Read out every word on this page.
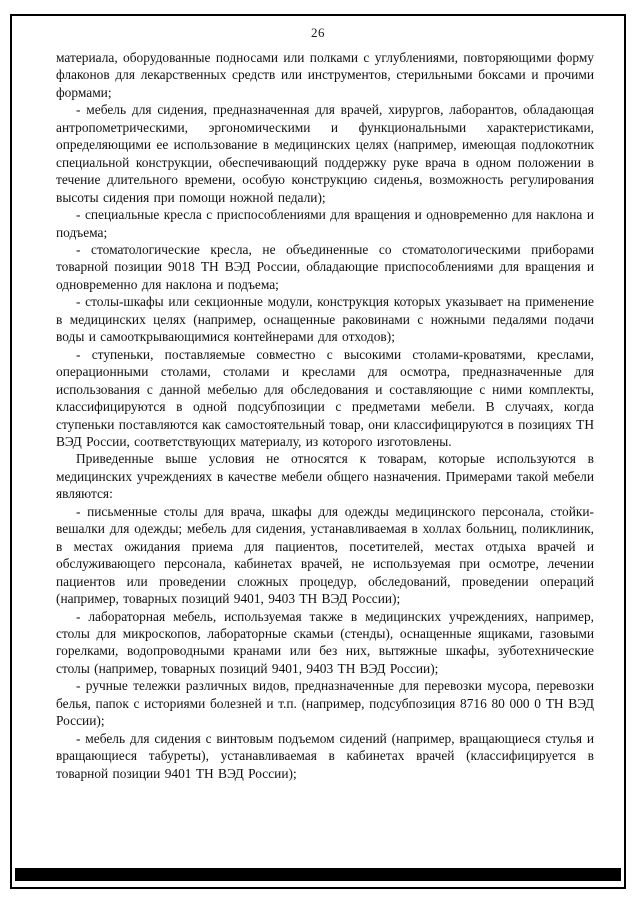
26

материала, оборудованные подносами или полками с углублениями, повторяющими форму флаконов для лекарственных средств или инструментов, стерильными боксами и прочими формами;

- мебель для сидения, предназначенная для врачей, хирургов, лаборантов, обладающая антропометрическими, эргономическими и функциональными характеристиками, определяющими ее использование в медицинских целях (например, имеющая подлокотник специальной конструкции, обеспечивающий поддержку руке врача в одном положении в течение длительного времени, особую конструкцию сиденья, возможность регулирования высоты сидения при помощи ножной педали);

- специальные кресла с приспособлениями для вращения и одновременно для наклона и подъема;

- стоматологические кресла, не объединенные со стоматологическими приборами товарной позиции 9018 ТН ВЭД России, обладающие приспособлениями для вращения и одновременно для наклона и подъема;

- столы-шкафы или секционные модули, конструкция которых указывает на применение в медицинских целях (например, оснащенные раковинами с ножными педалями подачи воды и самооткрывающимися контейнерами для отходов);

- ступеньки, поставляемые совместно с высокими столами-кроватями, креслами, операционными столами, столами и креслами для осмотра, предназначенные для использования с данной мебелью для обследования и составляющие с ними комплекты, классифицируются в одной подсубпозиции с предметами мебели. В случаях, когда ступеньки поставляются как самостоятельный товар, они классифицируются в позициях ТН ВЭД России, соответствующих материалу, из которого изготовлены.

Приведенные выше условия не относятся к товарам, которые используются в медицинских учреждениях в качестве мебели общего назначения. Примерами такой мебели являются:

- письменные столы для врача, шкафы для одежды медицинского персонала, стойки-вешалки для одежды; мебель для сидения, устанавливаемая в холлах больниц, поликлиник, в местах ожидания приема для пациентов, посетителей, местах отдыха врачей и обслуживающего персонала, кабинетах врачей, не используемая при осмотре, лечении пациентов или проведении сложных процедур, обследований, проведении операций (например, товарных позиций 9401, 9403 ТН ВЭД России);

- лабораторная мебель, используемая также в медицинских учреждениях, например, столы для микроскопов, лабораторные скамьи (стенды), оснащенные ящиками, газовыми горелками, водопроводными кранами или без них, вытяжные шкафы, зуботехнические столы (например, товарных позиций 9401, 9403 ТН ВЭД России);

- ручные тележки различных видов, предназначенные для перевозки мусора, перевозки белья, папок с историями болезней и т.п. (например, подсубпозиция 8716 80 000 0 ТН ВЭД России);

- мебель для сидения с винтовым подъемом сидений (например, вращающиеся стулья и вращающиеся табуреты), устанавливаемая в кабинетах врачей (классифицируется в товарной позиции 9401 ТН ВЭД России);
